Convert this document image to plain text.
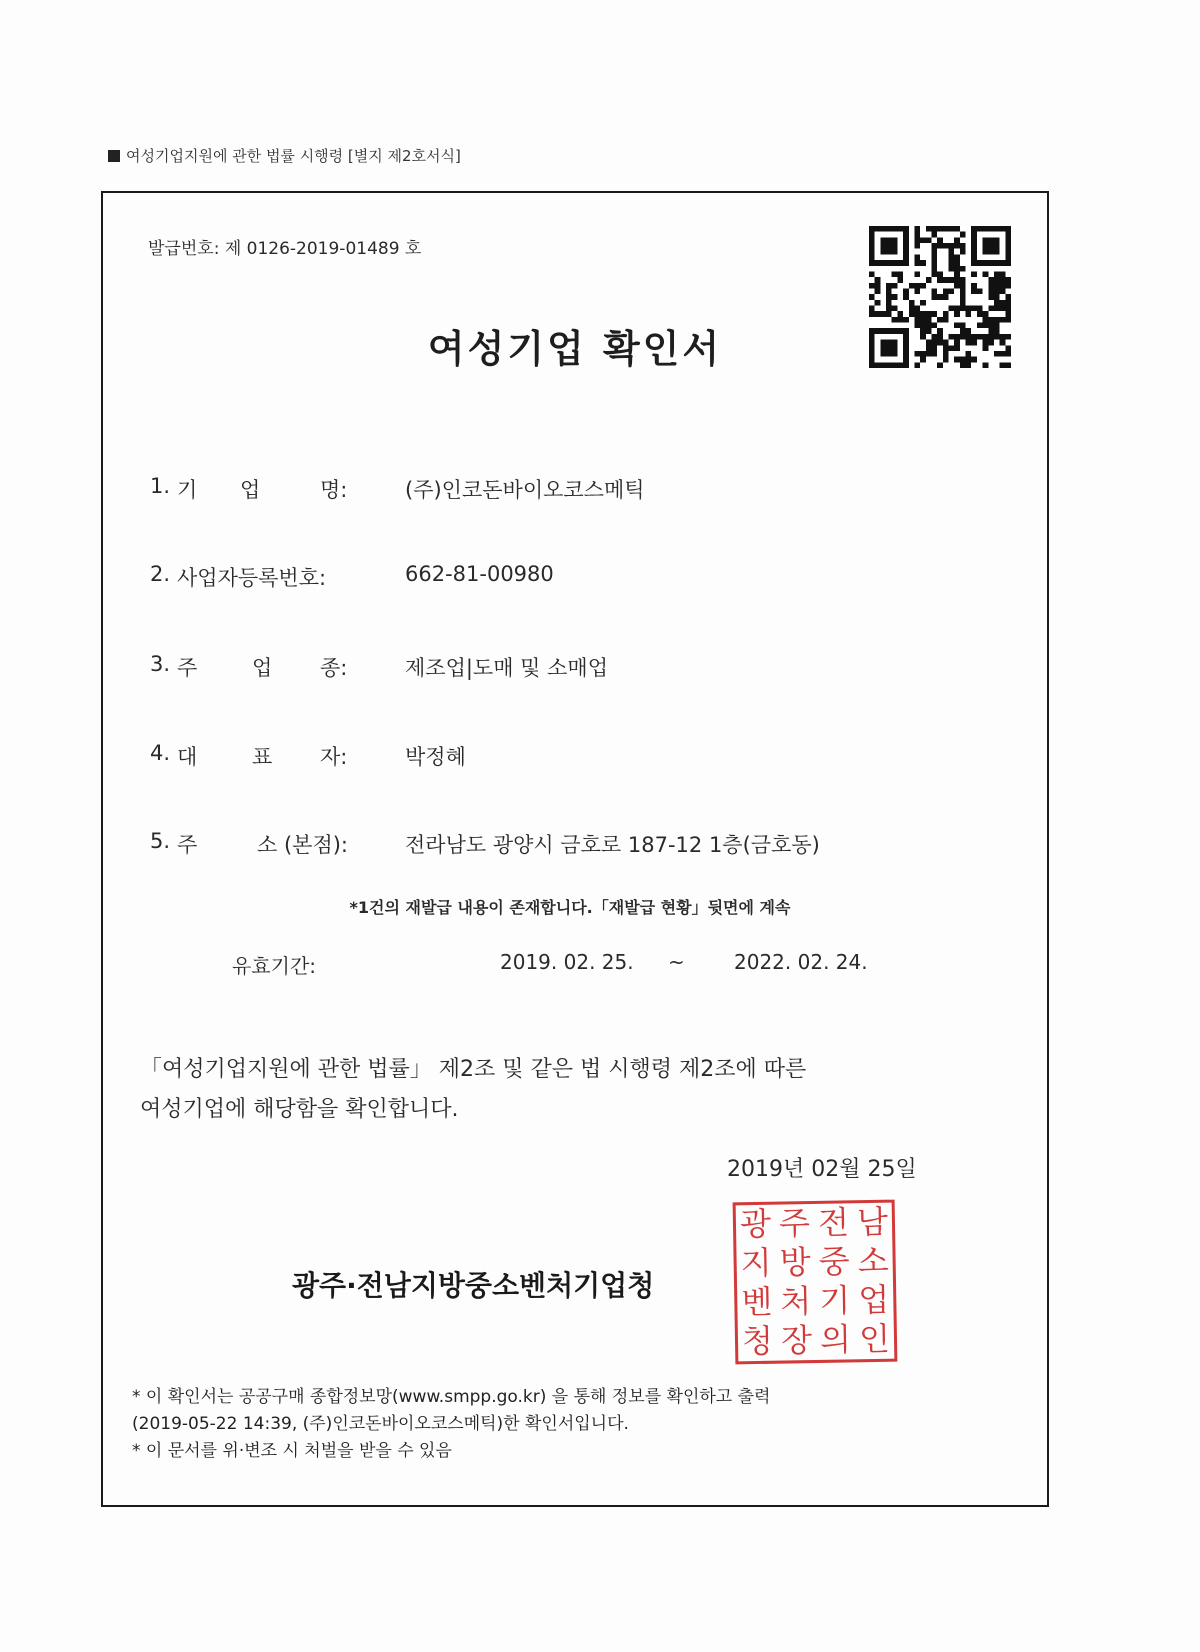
여성기업지원에 관한 법률 시행령 [별지 제2호서식]
발급번호: 제 0126-2019-01489 호
여성기업 확인서
1. 기 업	명:	(주)인코돈바이오코스메틱
2. 사업자등록번호:	662-81-00980
3. 주	업 종:	제조업|도매 및 소매업
4. 대	표 자:	박정혜
5. 주	소 (본점):	전라남도 광양시 금호로 187-12 1층(금호동)
*1건의 재발급 내용이 존재합니다.「재발급 현황」뒷면에 계속
유효기간:	2019. 02. 25. ~ 2022. 02. 24.
「여성기업지원에 관한 법률」 제2조 및 같은 법 시행령 제2조에 따른
여성기업에 해당함을 확인합니다.
2019년 02월 25일
광주·전남지방중소벤처기업청
광 주 전 남
지 방 중 소
벤 처 기 업
청 장 의 인
* 이 확인서는 공공구매 종합정보망(www.smpp.go.kr) 을 통해 정보를 확인하고 출력
(2019-05-22 14:39, (주)인코돈바이오코스메틱)한 확인서입니다.
* 이 문서를 위·변조 시 처벌을 받을 수 있음
